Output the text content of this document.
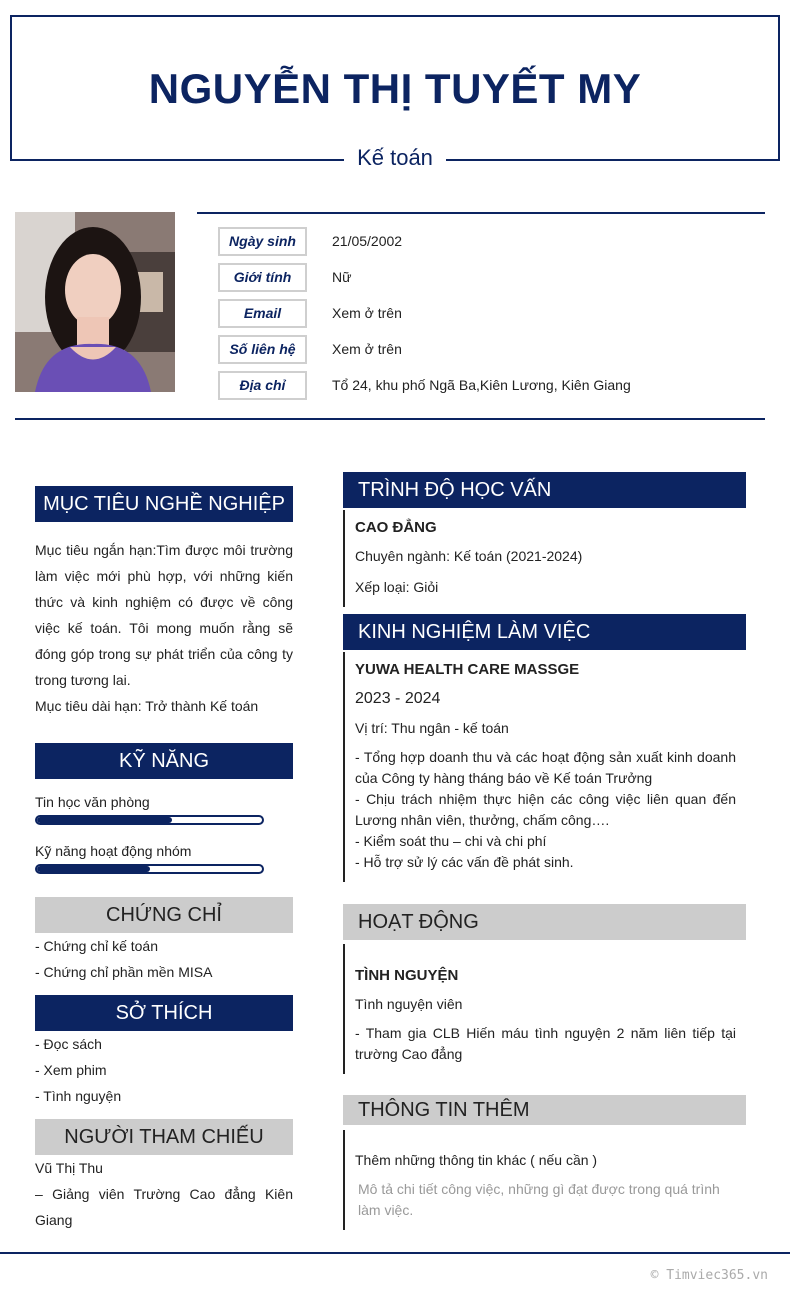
NGUYỄN THỊ TUYẾT MY
Kế toán
Ngày sinh	21/05/2002
Giới tính	Nữ
Email	Xem ở trên
Số liên hệ	Xem ở trên
Địa chỉ	Tổ 24, khu phố Ngã Ba,Kiên Lương, Kiên Giang
MỤC TIÊU NGHỀ NGHIỆP
Mục tiêu ngắn hạn:Tìm được môi trường làm việc mới phù hợp, với những kiến thức và kinh nghiệm có được về công việc kế toán. Tôi mong muốn rằng sẽ đóng góp trong sự phát triển của công ty trong tương lai.
Mục tiêu dài hạn: Trở thành Kế toán
KỸ NĂNG
Tin học văn phòng
Kỹ năng hoạt động nhóm
CHỨNG CHỈ
- Chứng chỉ kế toán
- Chứng chỉ phần mền MISA
SỞ THÍCH
- Đọc sách
- Xem phim
- Tình nguyện
NGƯỜI THAM CHIẾU
Vũ Thị Thu
– Giảng viên Trường Cao đẳng Kiên Giang
TRÌNH ĐỘ HỌC VẤN
CAO ĐẲNG
Chuyên ngành: Kế toán (2021-2024)
Xếp loại: Giỏi
KINH NGHIỆM LÀM VIỆC
YUWA HEALTH CARE MASSGE
2023 - 2024
Vị trí: Thu ngân - kế toán
- Tổng hợp doanh thu và các hoạt động sản xuất kinh doanh của Công ty hàng tháng báo về Kế toán Trưởng
- Chịu trách nhiệm thực hiện các công việc liên quan đến Lương nhân viên, thưởng, chấm công….
- Kiểm soát thu – chi và chi phí
- Hỗ trợ sử lý các vấn đề phát sinh.
HOẠT ĐỘNG
TÌNH NGUYỆN
Tình nguyện viên
- Tham gia CLB Hiến máu tình nguyện 2 năm liên tiếp tại trường Cao đẳng
THÔNG TIN THÊM
Thêm những thông tin khác ( nếu cần )
Mô tả chi tiết công việc, những gì đạt được trong quá trình làm việc.
© Timviec365.vn
